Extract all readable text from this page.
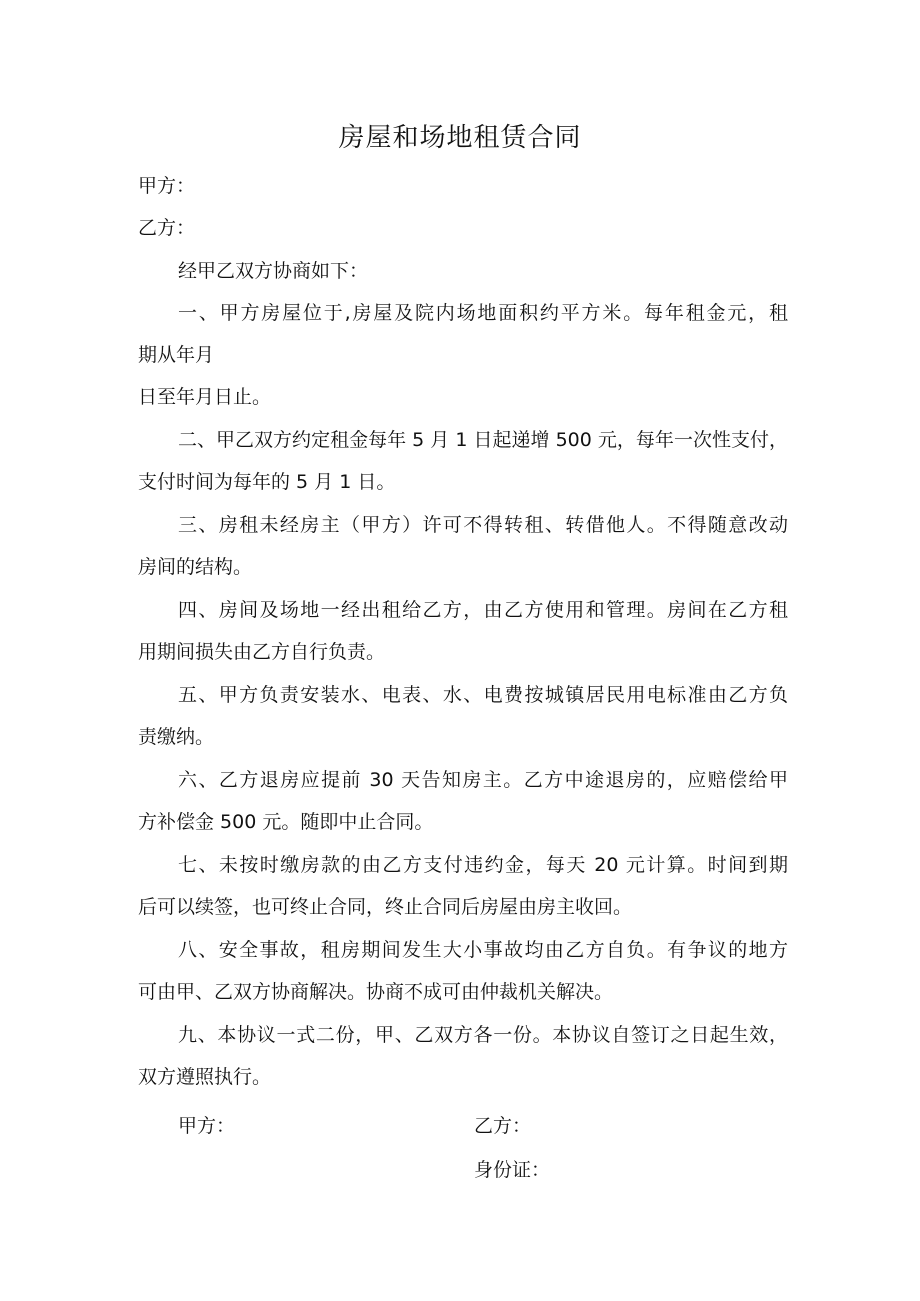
房屋和场地租赁合同
甲方：
乙方：
经甲乙双方协商如下：
一、甲方房屋位于,房屋及院内场地面积约平方米。每年租金元，租
期从年月
日至年月日止。
二、甲乙双方约定租金每年 5 月 1 日起递增 500 元，每年一次性支付，
支付时间为每年的 5 月 1 日。
三、房租未经房主（甲方）许可不得转租、转借他人。不得随意改动
房间的结构。
四、房间及场地一经出租给乙方，由乙方使用和管理。房间在乙方租
用期间损失由乙方自行负责。
五、甲方负责安装水、电表、水、电费按城镇居民用电标准由乙方负
责缴纳。
六、乙方退房应提前 30 天告知房主。乙方中途退房的，应赔偿给甲
方补偿金 500 元。随即中止合同。
七、未按时缴房款的由乙方支付违约金，每天 20 元计算。时间到期
后可以续签，也可终止合同，终止合同后房屋由房主收回。
八、安全事故，租房期间发生大小事故均由乙方自负。有争议的地方
可由甲、乙双方协商解决。协商不成可由仲裁机关解决。
九、本协议一式二份，甲、乙双方各一份。本协议自签订之日起生效，
双方遵照执行。
甲方：	乙方：
身份证：
